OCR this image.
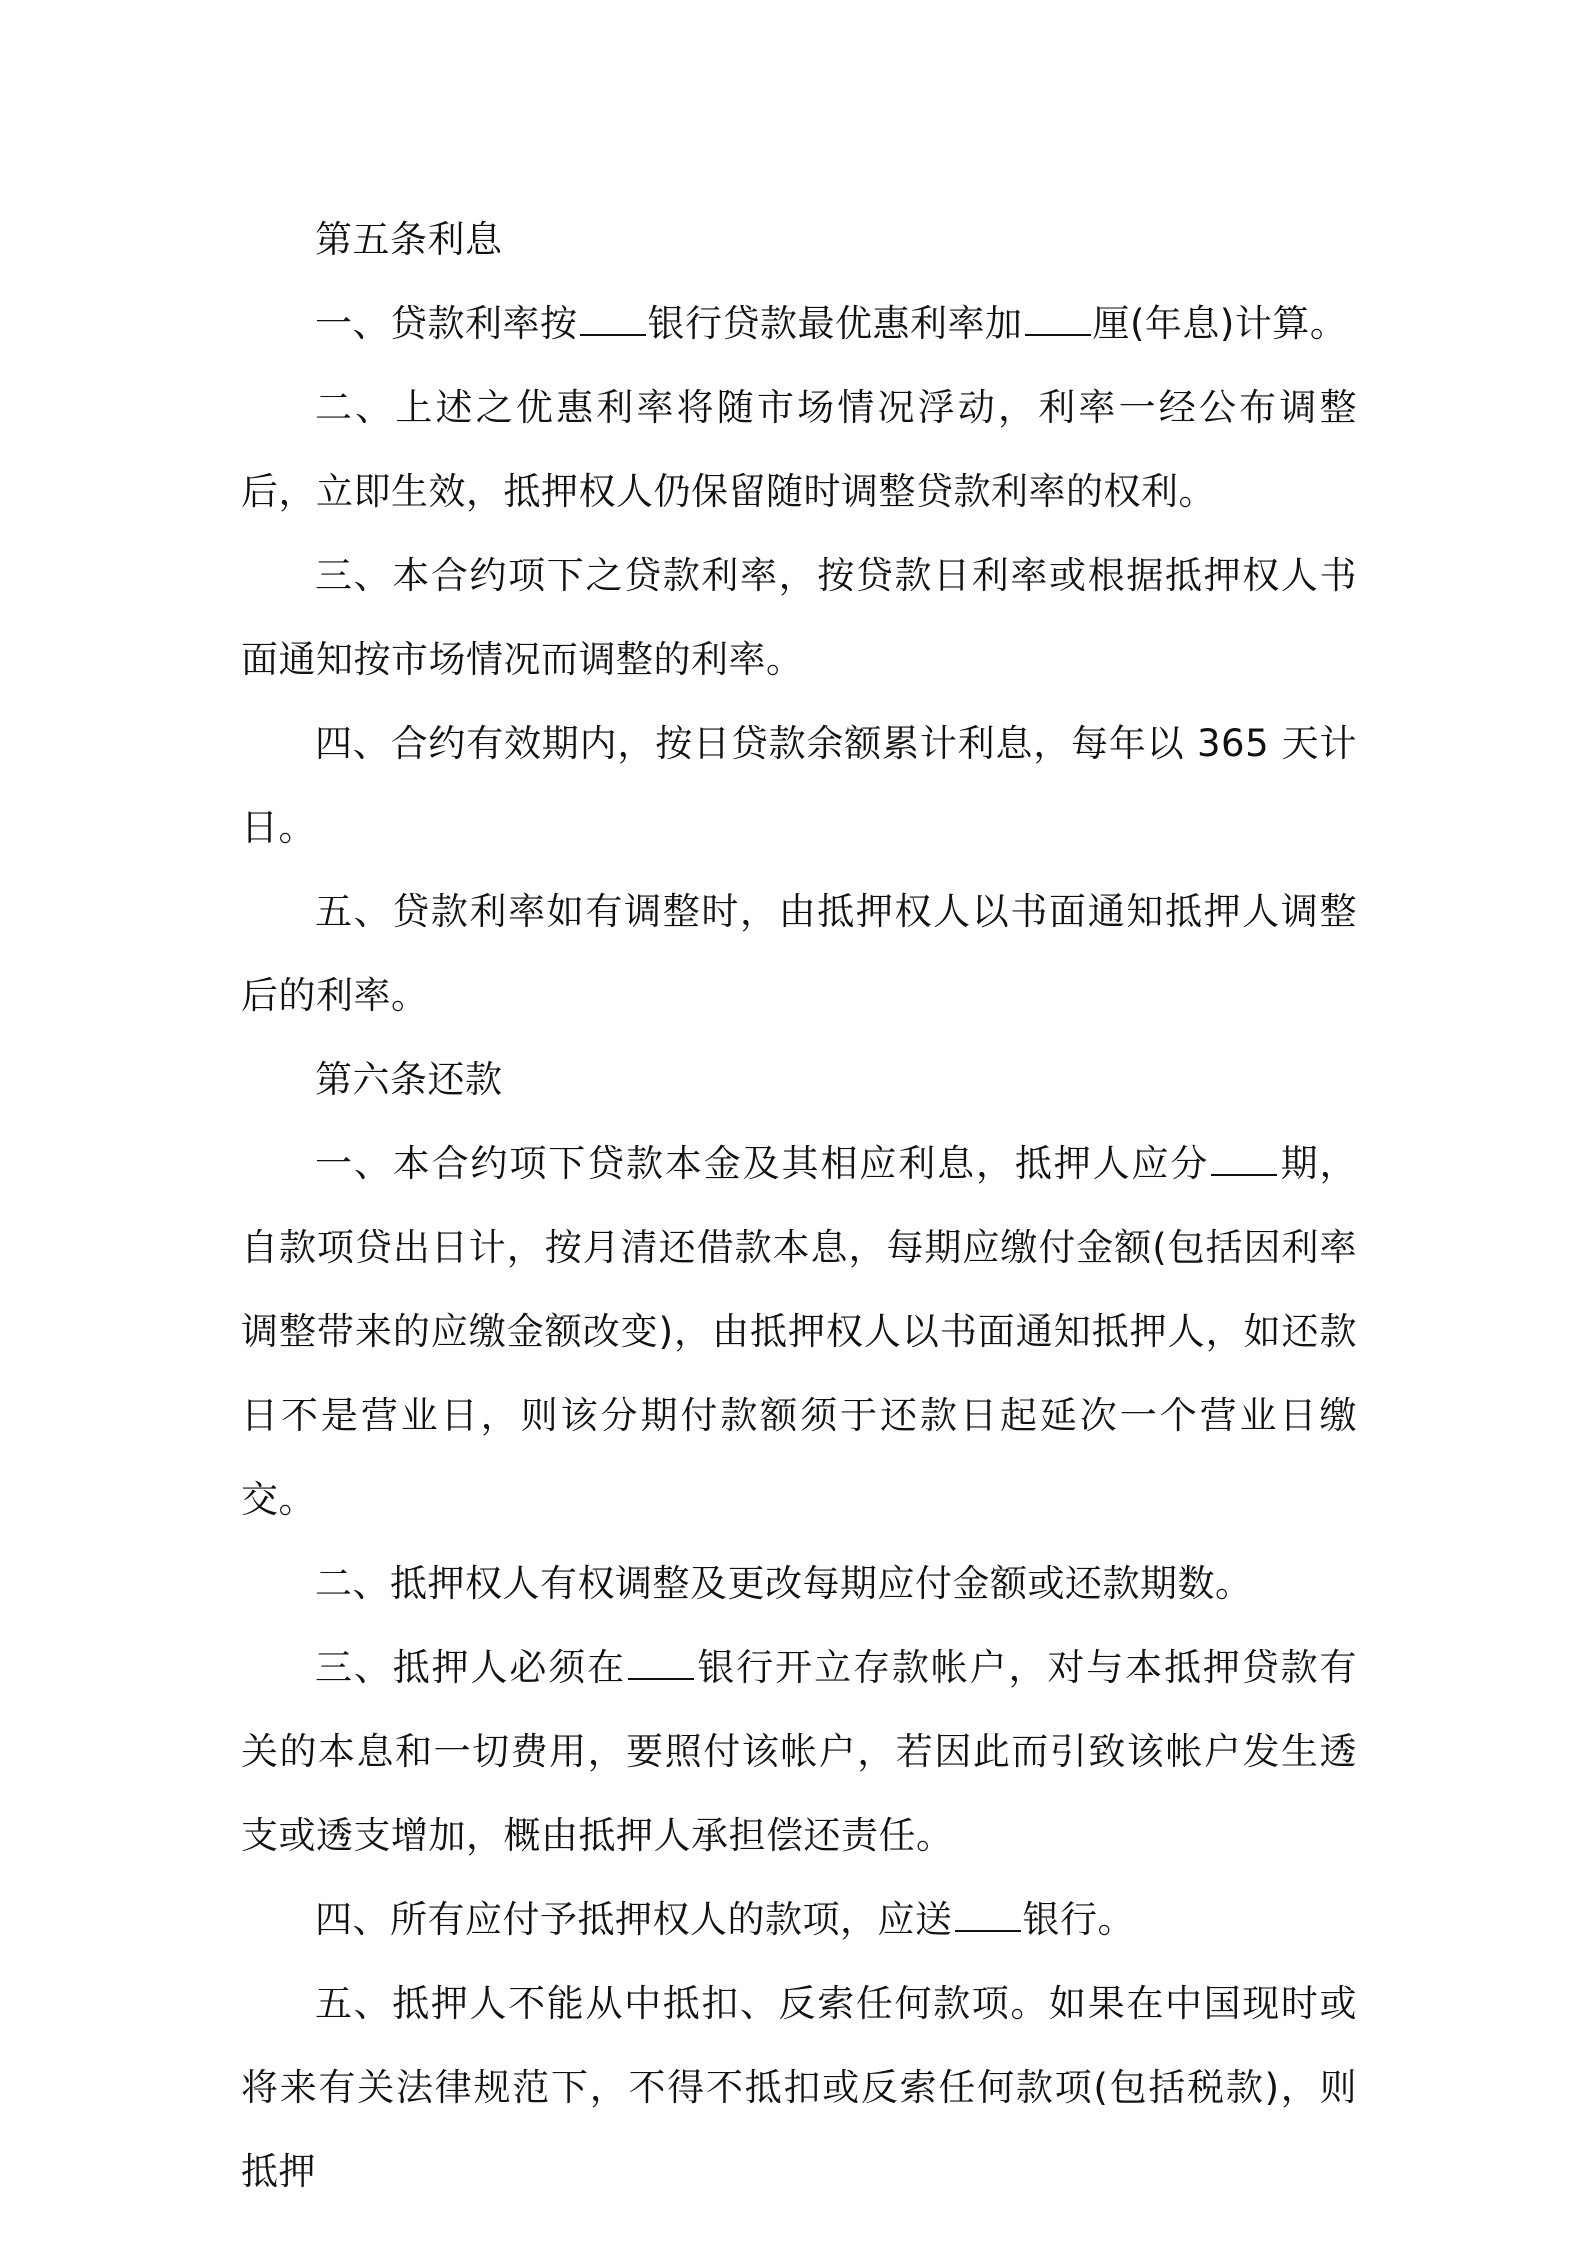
第五条利息

一、贷款利率按 银行贷款最优惠利率加 厘(年息)计算。

二、上述之优惠利率将随市场情况浮动，利率一经公布调整后，立即生效，抵押权人仍保留随时调整贷款利率的权利。

三、本合约项下之贷款利率，按贷款日利率或根据抵押权人书面通知按市场情况而调整的利率。

四、合约有效期内，按日贷款余额累计利息，每年以 365 天计日。

五、贷款利率如有调整时，由抵押权人以书面通知抵押人调整后的利率。

第六条还款

一、本合约项下贷款本金及其相应利息，抵押人应分 期，自款项贷出日计，按月清还借款本息，每期应缴付金额(包括因利率调整带来的应缴金额改变)，由抵押权人以书面通知抵押人，如还款日不是营业日，则该分期付款额须于还款日起延次一个营业日缴交。

二、抵押权人有权调整及更改每期应付金额或还款期数。

三、抵押人必须在 银行开立存款帐户，对与本抵押贷款有关的本息和一切费用，要照付该帐户，若因此而引致该帐户发生透支或透支增加，概由抵押人承担偿还责任。

四、所有应付予抵押权人的款项，应送 银行。

五、抵押人不能从中抵扣、反索任何款项。如果在中国现时或将来有关法律规范下，不得不抵扣或反索任何款项(包括税款)，则抵押
